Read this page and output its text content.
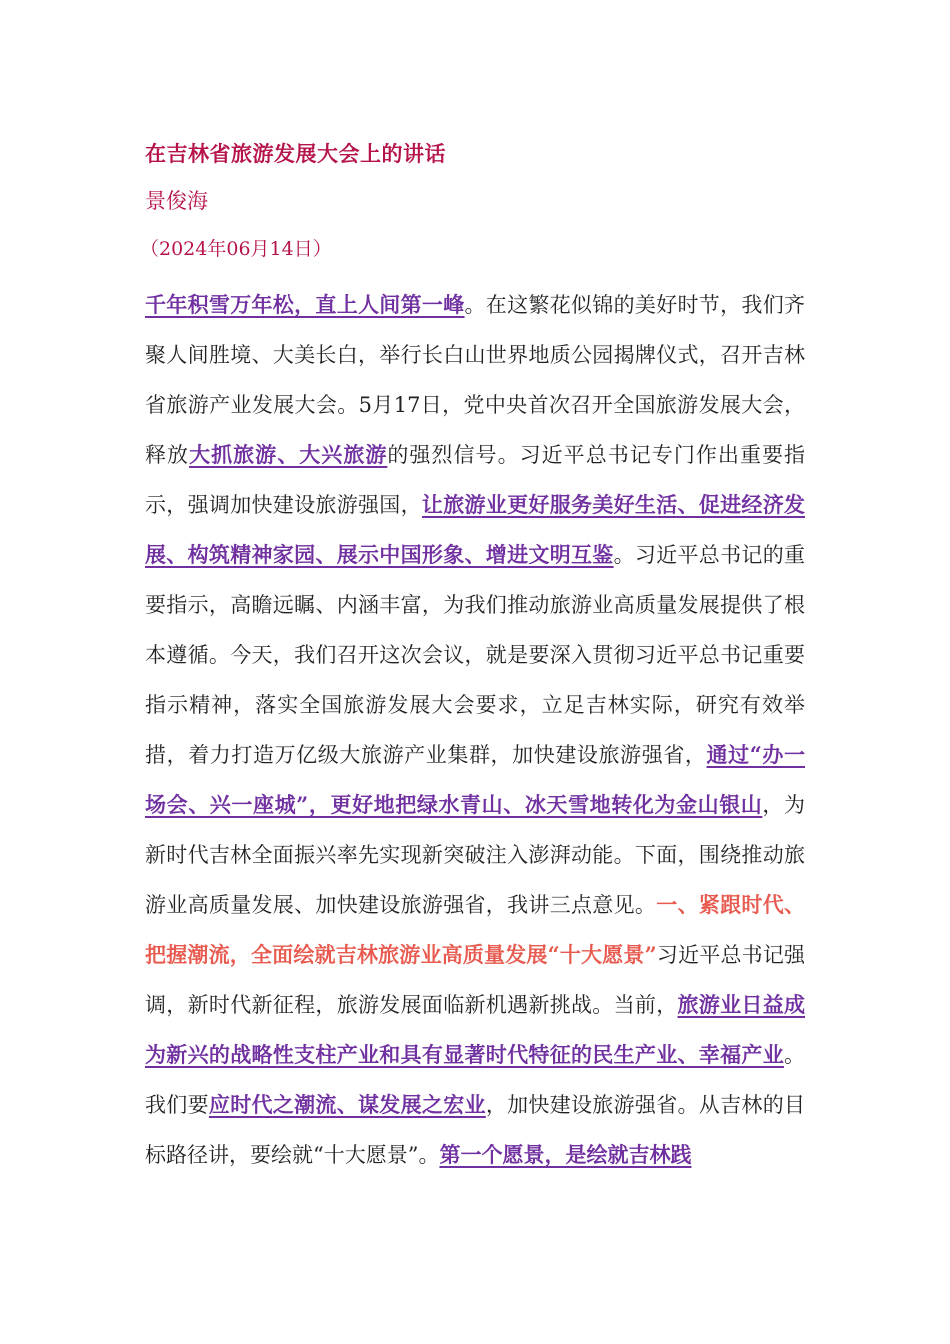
在吉林省旅游发展大会上的讲话
景俊海
（2024年06月14日）
千年积雪万年松，直上人间第一峰。在这繁花似锦的美好时节，我们齐聚人间胜境、大美长白，举行长白山世界地质公园揭牌仪式，召开吉林省旅游产业发展大会。5月17日，党中央首次召开全国旅游发展大会，释放大抓旅游、大兴旅游的强烈信号。习近平总书记专门作出重要指示，强调加快建设旅游强国，让旅游业更好服务美好生活、促进经济发展、构筑精神家园、展示中国形象、增进文明互鉴。习近平总书记的重要指示，高瞻远瞩、内涵丰富，为我们推动旅游业高质量发展提供了根本遵循。今天，我们召开这次会议，就是要深入贯彻习近平总书记重要指示精神，落实全国旅游发展大会要求，立足吉林实际，研究有效举措，着力打造万亿级大旅游产业集群，加快建设旅游强省，通过“办一场会、兴一座城”，更好地把绿水青山、冰天雪地转化为金山银山，为新时代吉林全面振兴率先实现新突破注入澎湃动能。下面，围绕推动旅游业高质量发展、加快建设旅游强省，我讲三点意见。一、紧跟时代、把握潮流，全面绘就吉林旅游业高质量发展“十大愿景”习近平总书记强调，新时代新征程，旅游发展面临新机遇新挑战。当前，旅游业日益成为新兴的战略性支柱产业和具有显著时代特征的民生产业、幸福产业。我们要应时代之潮流、谋发展之宏业，加快建设旅游强省。从吉林的目标路径讲，要绘就“十大愿景”。第一个愿景，是绘就吉林践
